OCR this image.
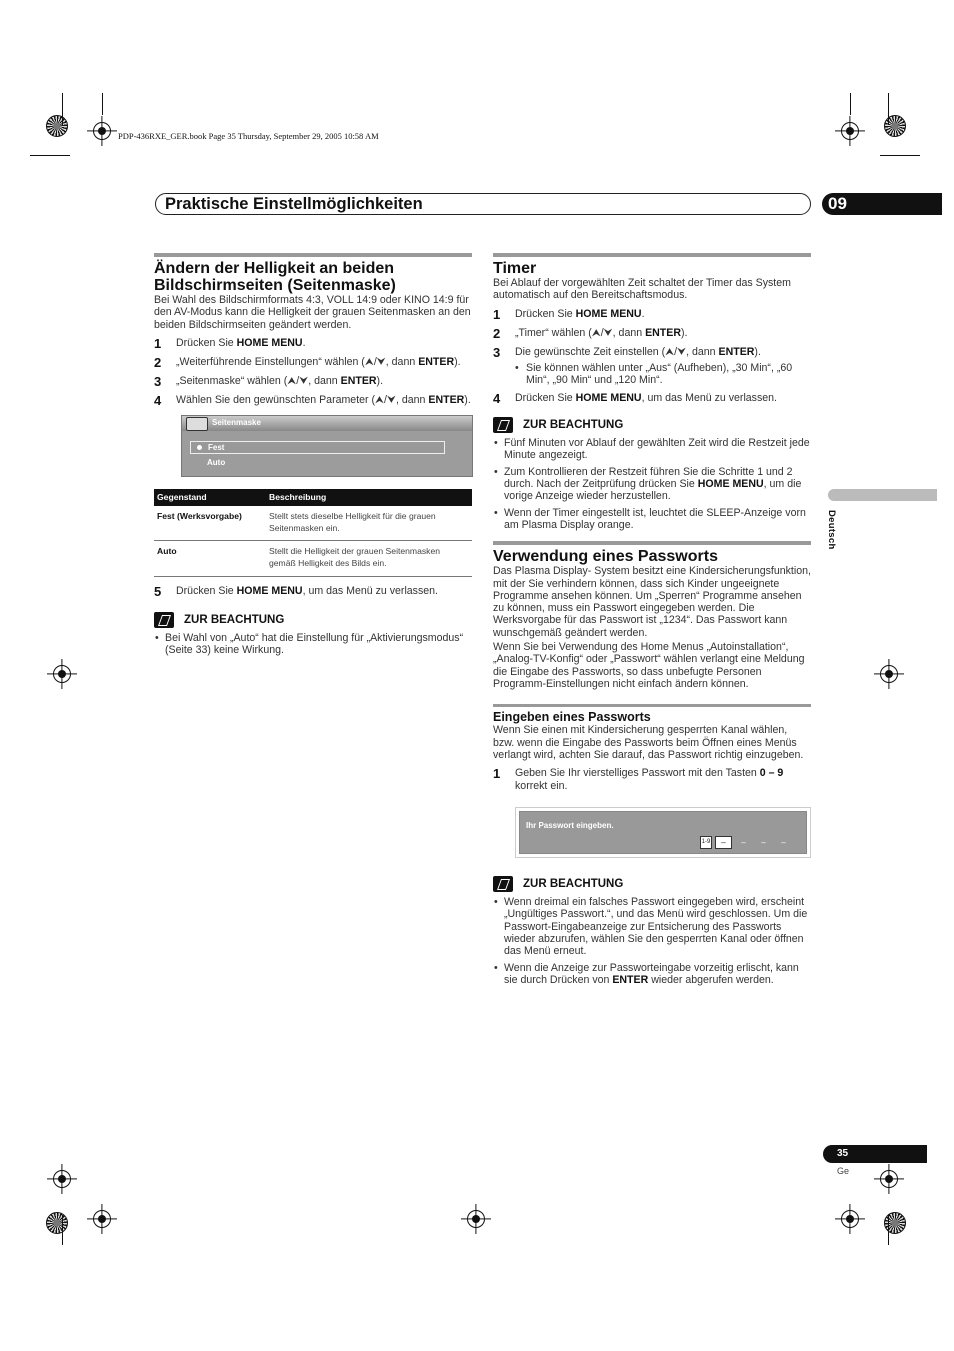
PDP-436RXE_GER.book Page 35 Thursday, September 29, 2005 10:58 AM
Praktische Einstellmöglichkeiten	09
Deutsch
Ändern der Helligkeit an beiden Bildschirmseiten (Seitenmaske)

Bei Wahl des Bildschirmformats 4:3, VOLL 14:9 oder KINO 14:9 für den AV-Modus kann die Helligkeit der grauen Seitenmasken an den beiden Bildschirmseiten geändert werden.

1	Drücken Sie HOME MENU.
2	„Weiterführende Einstellungen“ wählen (⮝/⮟, dann ENTER).
3	„Seitenmaske“ wählen (⮝/⮟, dann ENTER).
4	Wählen Sie den gewünschten Parameter (⮝/⮟, dann ENTER).
Seitenmaske
Fest
Auto
Gegenstand	Beschreibung
Fest (Werksvorgabe)	Stellt stets dieselbe Helligkeit für die grauen Seitenmasken ein.
Auto	Stellt die Helligkeit der grauen Seitenmasken gemäß Helligkeit des Bilds ein.
5	Drücken Sie HOME MENU, um das Menü zu verlassen.
ZUR BEACHTUNG
• Bei Wahl von „Auto“ hat die Einstellung für „Aktivierungsmodus“ (Seite 33) keine Wirkung.
Timer

Bei Ablauf der vorgewählten Zeit schaltet der Timer das System automatisch auf den Bereitschaftsmodus.

1	Drücken Sie HOME MENU.
2	„Timer“ wählen (⮝/⮟, dann ENTER).
3	Die gewünschte Zeit einstellen (⮝/⮟, dann ENTER).
• Sie können wählen unter „Aus“ (Aufheben), „30 Min“, „60 Min“, „90 Min“ und „120 Min“.
4	Drücken Sie HOME MENU, um das Menü zu verlassen.
ZUR BEACHTUNG
• Fünf Minuten vor Ablauf der gewählten Zeit wird die Restzeit jede Minute angezeigt.
• Zum Kontrollieren der Restzeit führen Sie die Schritte 1 und 2 durch. Nach der Zeitprüfung drücken Sie HOME MENU, um die vorige Anzeige wieder herzustellen.
• Wenn der Timer eingestellt ist, leuchtet die SLEEP-Anzeige vorn am Plasma Display orange.
Verwendung eines Passworts

Das Plasma Display- System besitzt eine Kindersicherungsfunktion, mit der Sie verhindern können, dass sich Kinder ungeeignete Programme ansehen können. Um „Sperren“ Programme ansehen zu können, muss ein Passwort eingegeben werden. Die Werksvorgabe für das Passwort ist „1234“. Das Passwort kann wunschgemäß geändert werden.

Wenn Sie bei Verwendung des Home Menus „Autoinstallation“, „Analog-TV-Konfig“ oder „Passwort“ wählen verlangt eine Meldung die Eingabe des Passworts, so dass unbefugte Personen Programm-Einstellungen nicht einfach ändern können.

Eingeben eines Passworts

Wenn Sie einen mit Kindersicherung gesperrten Kanal wählen, bzw. wenn die Eingabe des Passworts beim Öffnen eines Menüs verlangt wird, achten Sie darauf, das Passwort richtig einzugeben.

1	Geben Sie Ihr vierstelliges Passwort mit den Tasten 0 – 9 korrekt ein.
Ihr Passwort eingeben.
1-9	–	–	–	–
ZUR BEACHTUNG
• Wenn dreimal ein falsches Passwort eingegeben wird, erscheint „Ungültiges Passwort.“, und das Menü wird geschlossen. Um die Passwort-Eingabeanzeige zur Entsicherung des Passworts wieder abzurufen, wählen Sie den gesperrten Kanal oder öffnen das Menü erneut.
• Wenn die Anzeige zur Passworteingabe vorzeitig erlischt, kann sie durch Drücken von ENTER wieder abgerufen werden.
35
Ge
